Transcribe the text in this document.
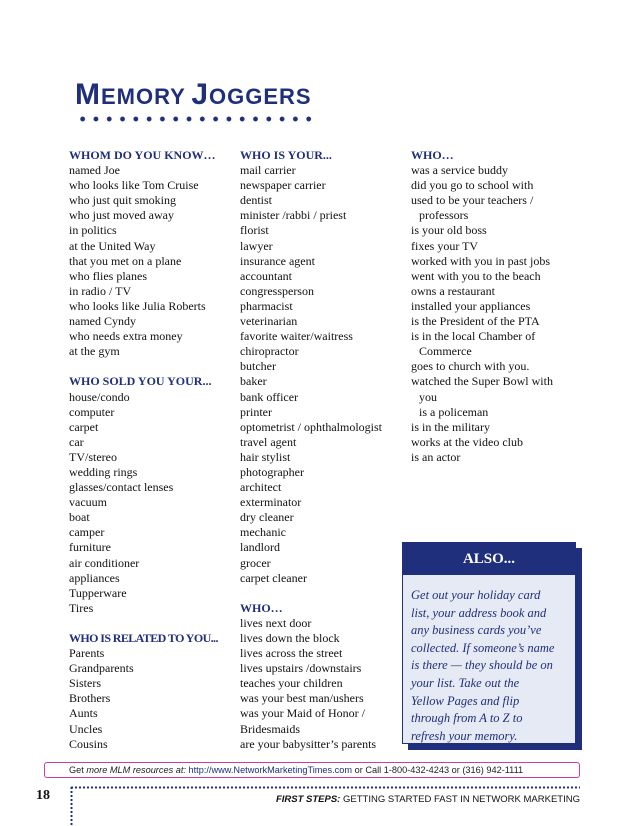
MEMORY JOGGERS
WHOM DO YOU KNOW…
named Joe
who looks like Tom Cruise
who just quit smoking
who just moved away
in politics
at the United Way
that you met on a plane
who flies planes
in radio / TV
who looks like Julia Roberts
named Cyndy
who needs extra money
at the gym
WHO SOLD YOU YOUR...
house/condo
computer
carpet
car
TV/stereo
wedding rings
glasses/contact lenses
vacuum
boat
camper
furniture
air conditioner
appliances
Tupperware
Tires
WHO IS RELATED TO YOU...
Parents
Grandparents
Sisters
Brothers
Aunts
Uncles
Cousins
WHO IS YOUR...
mail carrier
newspaper carrier
dentist
minister /rabbi / priest
florist
lawyer
insurance agent
accountant
congressperson
pharmacist
veterinarian
favorite waiter/waitress
chiropractor
butcher
baker
bank officer
printer
optometrist / ophthalmologist
travel agent
hair stylist
photographer
architect
exterminator
dry cleaner
mechanic
landlord
grocer
carpet cleaner
WHO…
lives next door
lives down the block
lives across the street
lives upstairs /downstairs
teaches your children
was your best man/ushers
was your Maid of Honor /
Bridesmaids
are your babysitter’s parents
WHO…
was a service buddy
did you go to school with
used to be your teachers /
professors
is your old boss
fixes your TV
worked with you in past jobs
went with you to the beach
owns a restaurant
installed your appliances
is the President of the PTA
is in the local Chamber of
Commerce
goes to church with you.
watched the Super Bowl with
you
is a policeman
is in the military
works at the video club
is an actor
ALSO...
Get out your holiday card
list, your address book and
any business cards you’ve
collected. If someone’s name
is there — they should be on
your list. Take out the
Yellow Pages and flip
through from A to Z to
refresh your memory.
Get more MLM resources at: http://www.NetworkMarketingTimes.com or Call 1-800-432-4243 or (316) 942-1111
18	FIRST STEPS: GETTING STARTED FAST IN NETWORK MARKETING
